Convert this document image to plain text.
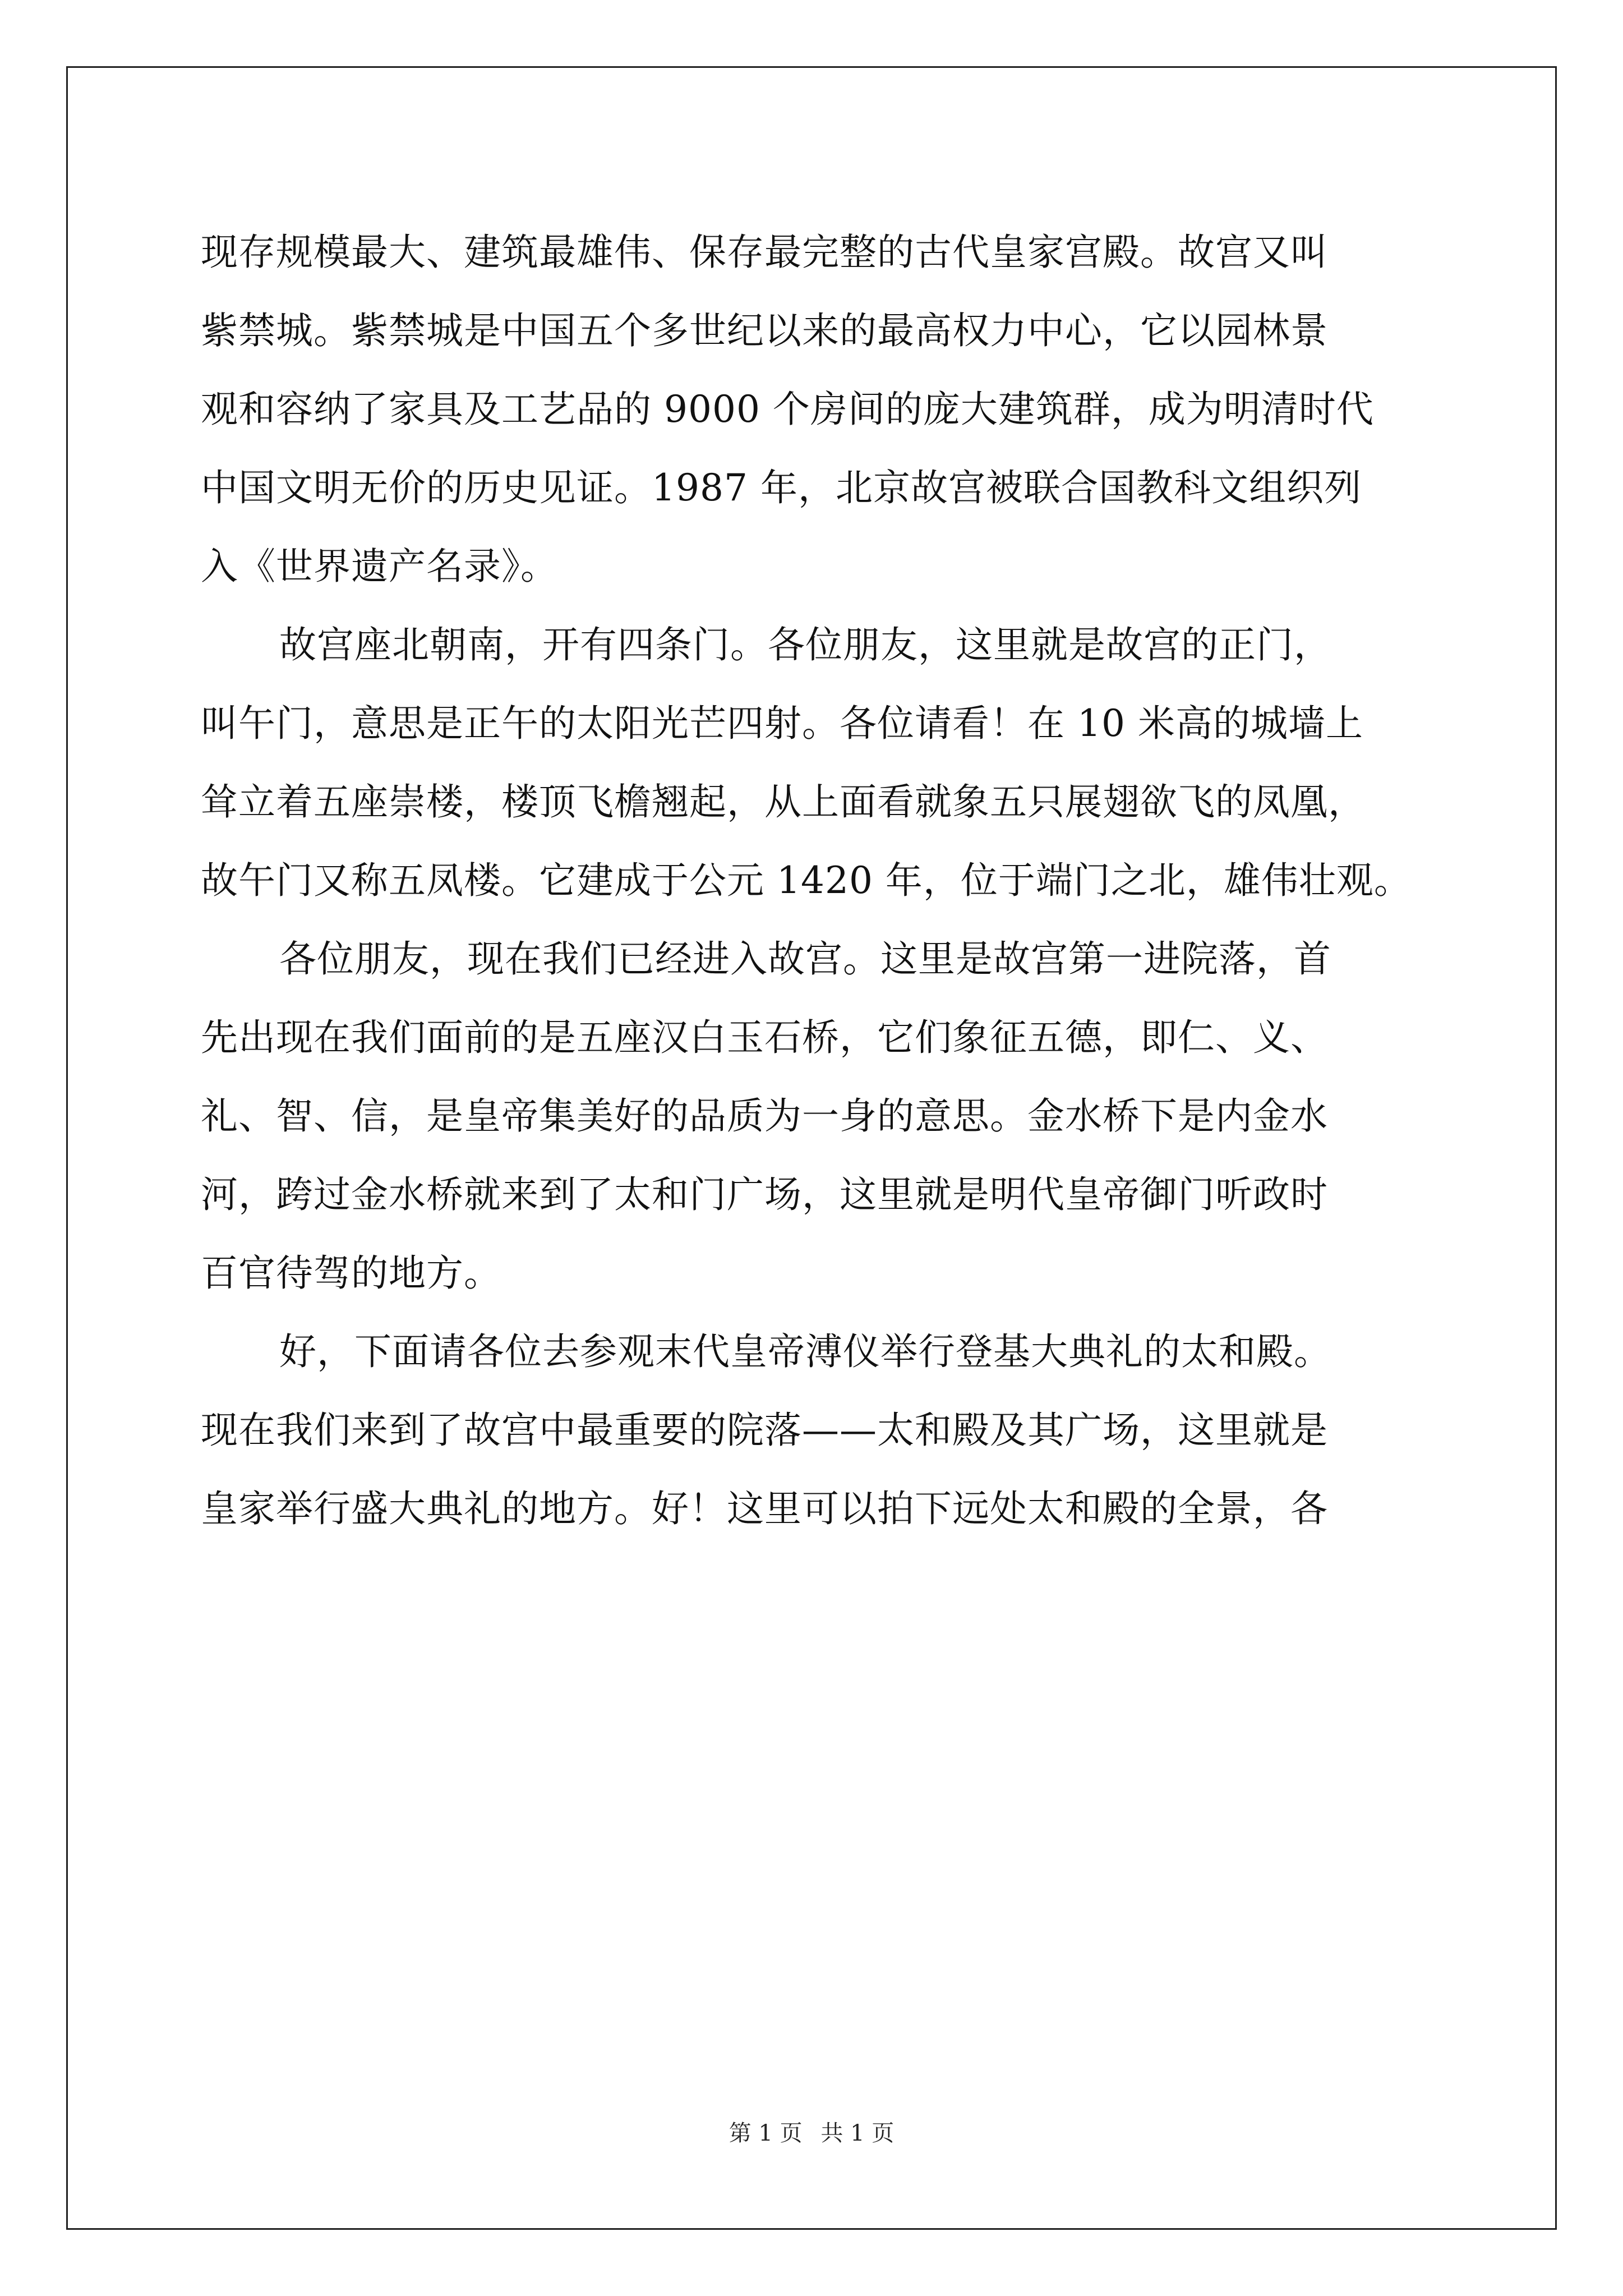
现存规模最大、建筑最雄伟、保存最完整的古代皇家宫殿。故宫又叫
紫禁城。紫禁城是中国五个多世纪以来的最高权力中心，它以园林景
观和容纳了家具及工艺品的 9000 个房间的庞大建筑群，成为明清时代
中国文明无价的历史见证。1987 年，北京故宫被联合国教科文组织列
入《世界遗产名录》。
故宫座北朝南，开有四条门。各位朋友，这里就是故宫的正门，
叫午门，意思是正午的太阳光芒四射。各位请看！在 10 米高的城墙上
耸立着五座崇楼，楼顶飞檐翘起，从上面看就象五只展翅欲飞的凤凰，
故午门又称五凤楼。它建成于公元 1420 年，位于端门之北，雄伟壮观。
各位朋友，现在我们已经进入故宫。这里是故宫第一进院落，首
先出现在我们面前的是五座汉白玉石桥，它们象征五德，即仁、义、
礼、智、信，是皇帝集美好的品质为一身的意思。金水桥下是内金水
河，跨过金水桥就来到了太和门广场，这里就是明代皇帝御门听政时
百官待驾的地方。
好，下面请各位去参观末代皇帝溥仪举行登基大典礼的太和殿。
现在我们来到了故宫中最重要的院落——太和殿及其广场，这里就是
皇家举行盛大典礼的地方。好！这里可以拍下远处太和殿的全景，各
第 1 页 共 1 页
